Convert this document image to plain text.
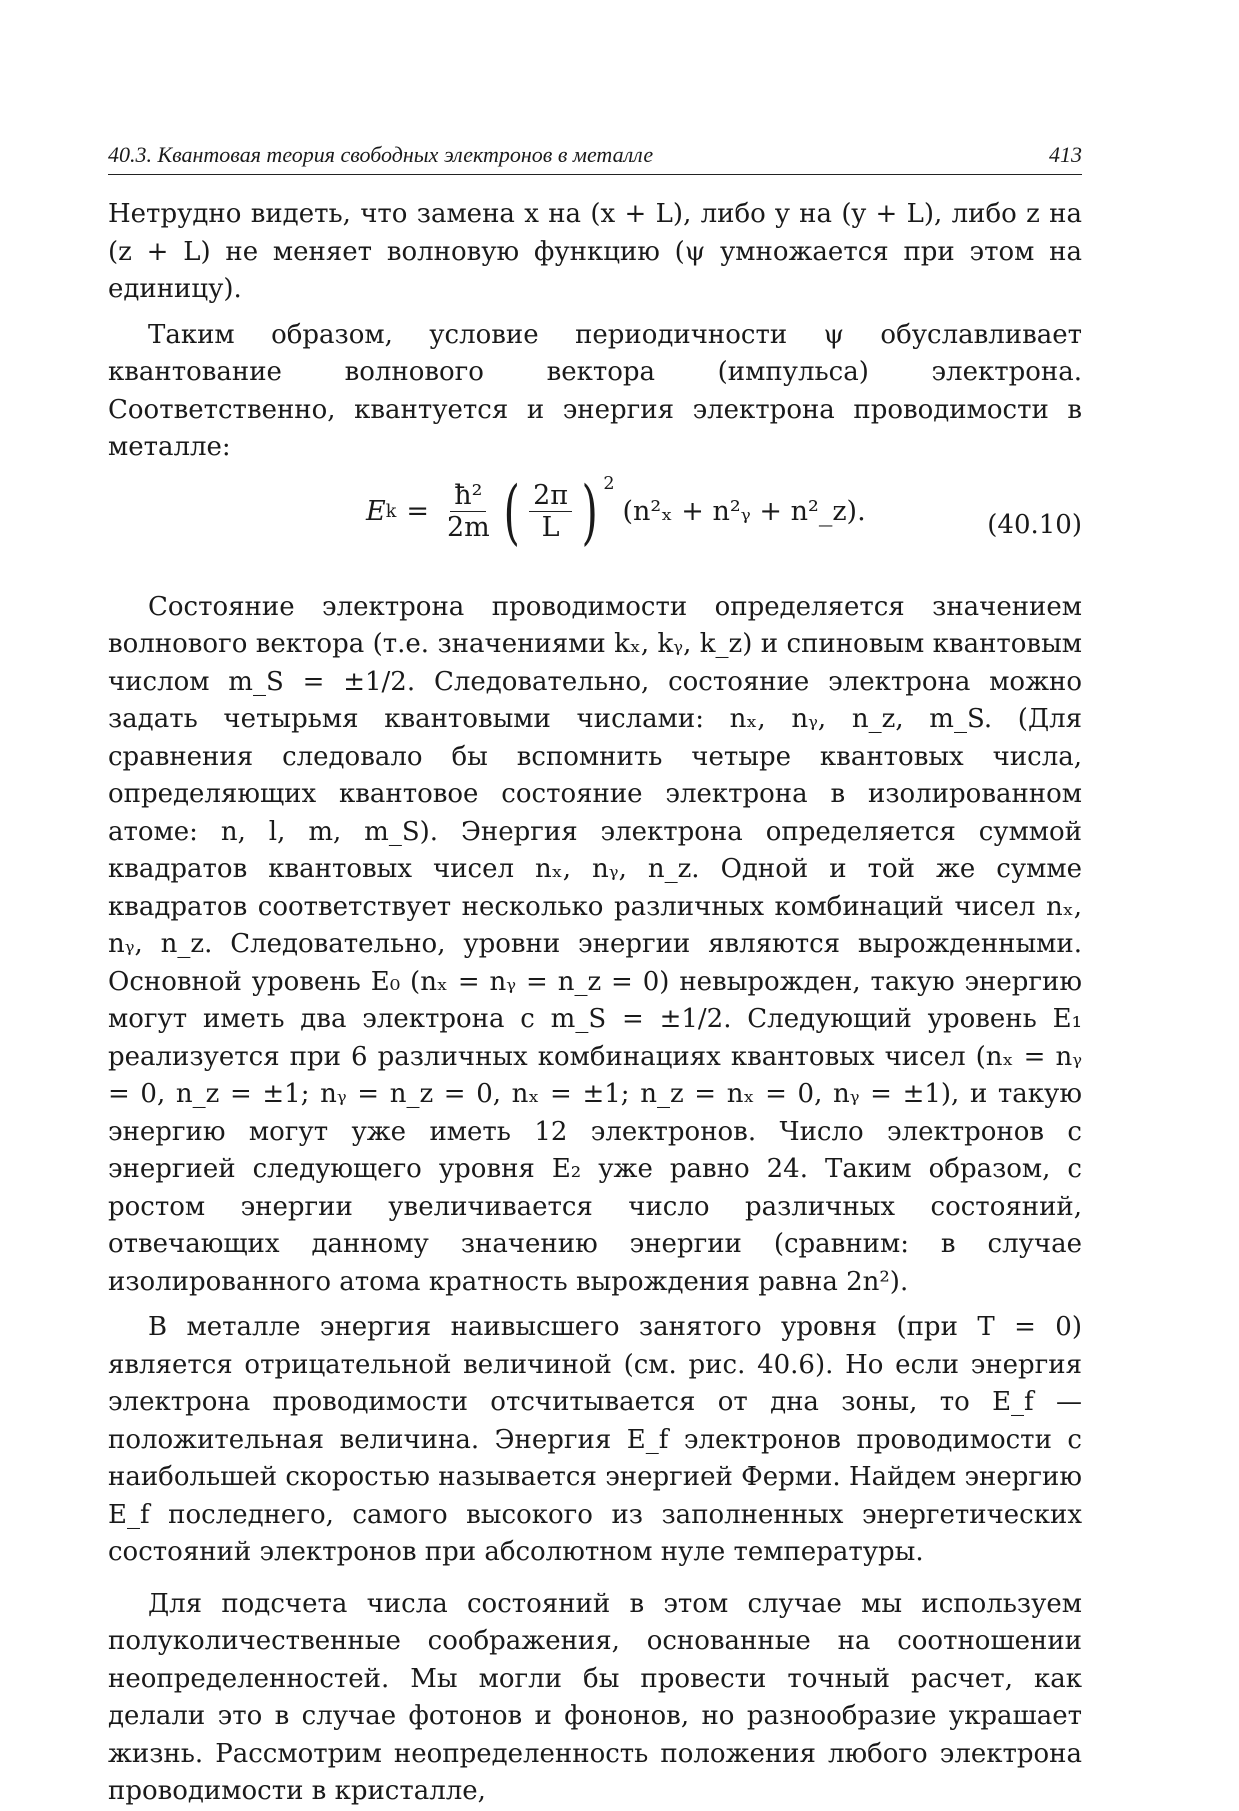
40.3. Квантовая теория свободных электронов в металле	413

Нетрудно видеть, что замена x на (x + L), либо y на (y + L), либо z на (z + L) не меняет волновую функцию (ψ умножается при этом на единицу).

Таким образом, условие периодичности ψ обуславливает квантование волнового вектора (импульса) электрона. Соответственно, квантуется и энергия электрона проводимости в металле:

E $k = \frac{\text{ħ²}}{2m}$ ( $\frac{2\pi}{L}$ ) $^2$
(n²ₓ + n²ᵧ + n²_z).	(40.10)

Состояние электрона проводимости определяется значением волнового вектора (т.е. значениями kₓ, kᵧ, k_z) и спиновым квантовым числом m_S = ±1/2. Следовательно, состояние электрона можно задать четырьмя квантовыми числами: nₓ, nᵧ, n_z, m_S. (Для сравнения следовало бы вспомнить четыре квантовых числа, определяющих квантовое состояние электрона в изолированном атоме: n, l, m, m_S). Энергия электрона определяется суммой квадратов квантовых чисел nₓ, nᵧ, n_z. Одной и той же сумме квадратов соответствует несколько различных комбинаций чисел nₓ, nᵧ, n_z. Следовательно, уровни энергии являются вырожденными. Основной уровень E₀ (nₓ = nᵧ = n_z = 0) невырожден, такую энергию могут иметь два электрона с m_S = ±1/2. Следующий уровень E₁ реализуется при 6 различных комбинациях квантовых чисел (nₓ = nᵧ = 0, n_z = ±1; nᵧ = n_z = 0, nₓ = ±1; n_z = nₓ = 0, nᵧ = ±1), и такую энергию могут уже иметь 12 электронов. Число электронов с энергией следующего уровня E₂ уже равно 24. Таким образом, с ростом энергии увеличивается число различных состояний, отвечающих данному значению энергии (сравним: в случае изолированного атома кратность вырождения равна 2n²).

В металле энергия наивысшего занятого уровня (при T = 0) является отрицательной величиной (см. рис. 40.6). Но если энергия электрона проводимости отсчитывается от дна зоны, то E_f — положительная величина. Энергия E_f электронов проводимости с наибольшей скоростью называется энергией Ферми. Найдем энергию E_f последнего, самого высокого из заполненных энергетических состояний электронов при абсолютном нуле температуры.

Для подсчета числа состояний в этом случае мы используем полуколичественные соображения, основанные на соотношении неопределенностей. Мы могли бы провести точный расчет, как делали это в случае фотонов и фононов, но разнообразие украшает жизнь. Рассмотрим неопределенность положения любого электрона проводимости в кристалле,
